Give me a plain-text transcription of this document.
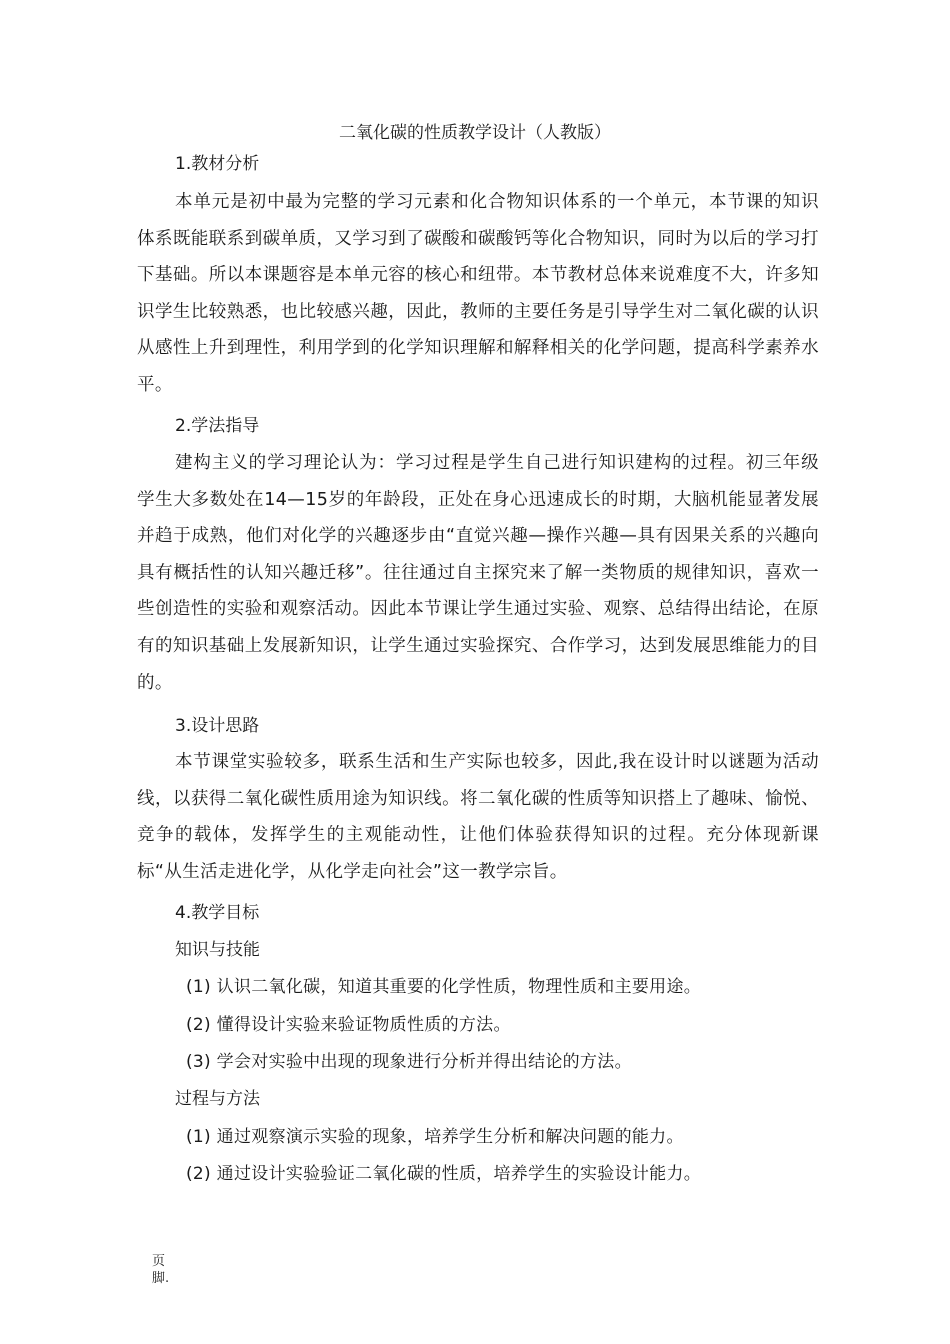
二氧化碳的性质教学设计（人教版）
1.教材分析
本单元是初中最为完整的学习元素和化合物知识体系的一个单元，本节课的知识体系既能联系到碳单质，又学习到了碳酸和碳酸钙等化合物知识，同时为以后的学习打下基础。所以本课题容是本单元容的核心和纽带。本节教材总体来说难度不大，许多知识学生比较熟悉，也比较感兴趣，因此，教师的主要任务是引导学生对二氧化碳的认识从感性上升到理性，利用学到的化学知识理解和解释相关的化学问题，提高科学素养水平。
2.学法指导
建构主义的学习理论认为：学习过程是学生自己进行知识建构的过程。初三年级学生大多数处在14—15岁的年龄段，正处在身心迅速成长的时期，大脑机能显著发展并趋于成熟，他们对化学的兴趣逐步由“直觉兴趣—操作兴趣—具有因果关系的兴趣向具有概括性的认知兴趣迁移”。往往通过自主探究来了解一类物质的规律知识，喜欢一些创造性的实验和观察活动。因此本节课让学生通过实验、观察、总结得出结论，在原有的知识基础上发展新知识，让学生通过实验探究、合作学习，达到发展思维能力的目的。
3.设计思路
本节课堂实验较多，联系生活和生产实际也较多，因此,我在设计时以谜题为活动线，以获得二氧化碳性质用途为知识线。将二氧化碳的性质等知识搭上了趣味、愉悦、竞争的载体，发挥学生的主观能动性，让他们体验获得知识的过程。充分体现新课标“从生活走进化学，从化学走向社会”这一教学宗旨。
4.教学目标
知识与技能
(1) 认识二氧化碳，知道其重要的化学性质，物理性质和主要用途。
(2) 懂得设计实验来验证物质性质的方法。
(3) 学会对实验中出现的现象进行分析并得出结论的方法。
过程与方法
(1) 通过观察演示实验的现象，培养学生分析和解决问题的能力。
(2) 通过设计实验验证二氧化碳的性质，培养学生的实验设计能力。
页
脚.
